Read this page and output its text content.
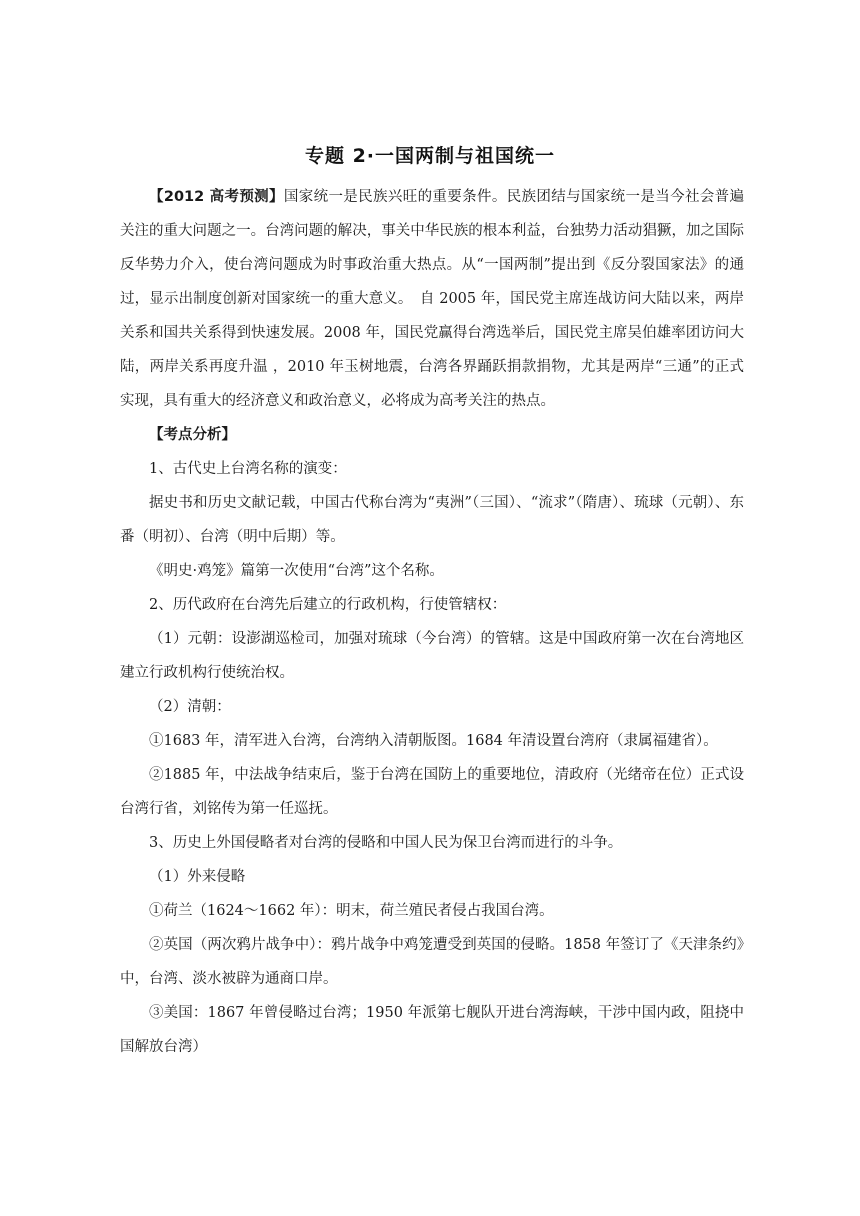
专题 2·一国两制与祖国统一

【2012 高考预测】国家统一是民族兴旺的重要条件。民族团结与国家统一是当今社会普遍关注的重大问题之一。台湾问题的解决，事关中华民族的根本利益，台独势力活动猖獗，加之国际反华势力介入，使台湾问题成为时事政治重大热点。从“一国两制”提出到《反分裂国家法》的通过，显示出制度创新对国家统一的重大意义。　自 2005 年，国民党主席连战访问大陆以来，两岸关系和国共关系得到快速发展。2008 年，国民党赢得台湾选举后，国民党主席吴伯雄率团访问大陆，两岸关系再度升温 ，2010 年玉树地震，台湾各界踊跃捐款捐物，尤其是两岸“三通”的正式实现，具有重大的经济意义和政治意义，必将成为高考关注的热点。

【考点分析】

1、古代史上台湾名称的演变：

据史书和历史文献记载，中国古代称台湾为“夷洲”（三国）、“流求”（隋唐）、琉球（元朝）、东番（明初）、台湾（明中后期）等。

《明史·鸡笼》篇第一次使用“台湾”这个名称。

2、历代政府在台湾先后建立的行政机构，行使管辖权：

（1）元朝：设澎湖巡检司，加强对琉球（今台湾）的管辖。这是中国政府第一次在台湾地区建立行政机构行使统治权。

（2）清朝：

①1683 年，清军进入台湾，台湾纳入清朝版图。1684 年清设置台湾府（隶属福建省）。

②1885 年，中法战争结束后，鉴于台湾在国防上的重要地位，清政府（光绪帝在位）正式设台湾行省，刘铭传为第一任巡抚。

3、历史上外国侵略者对台湾的侵略和中国人民为保卫台湾而进行的斗争。

（1）外来侵略

①荷兰（1624～1662 年）：明末，荷兰殖民者侵占我国台湾。

②英国（两次鸦片战争中）：鸦片战争中鸡笼遭受到英国的侵略。1858 年签订了《天津条约》中，台湾、淡水被辟为通商口岸。

③美国：1867 年曾侵略过台湾；1950 年派第七舰队开进台湾海峡，干涉中国内政，阻挠中国解放台湾）
